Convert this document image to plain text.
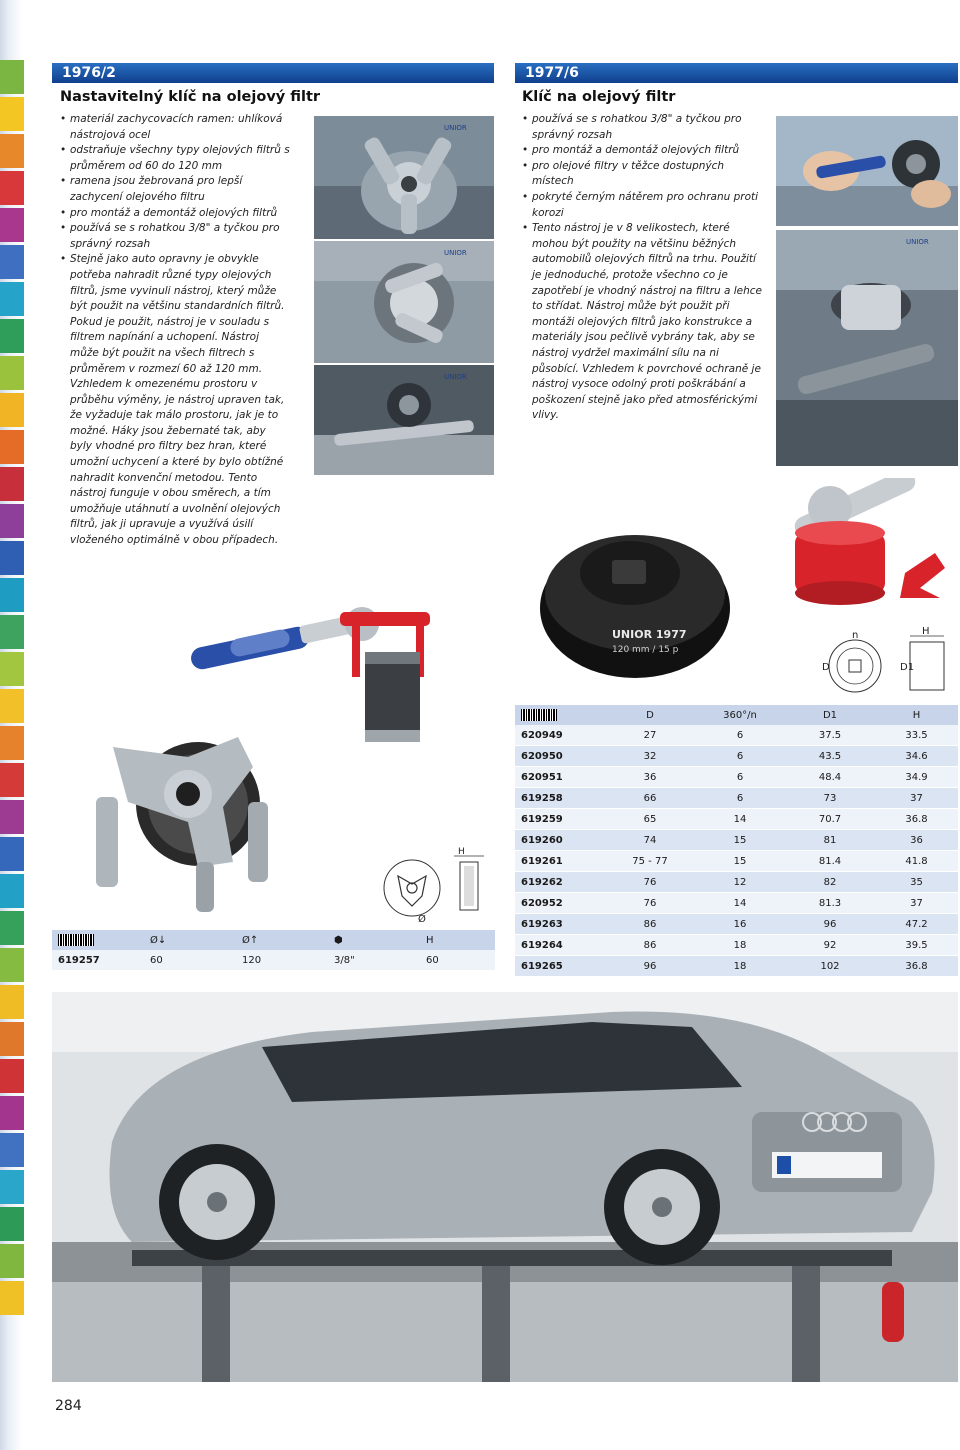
1976/2
Nastavitelný klíč na olejový filtr
• materiál zachycovacích ramen: uhlíková nástrojová ocel
• odstraňuje všechny typy olejových filtrů s průměrem od 60 do 120 mm
• ramena jsou žebrovaná pro lepší zachycení olejového filtru
• pro montáž a demontáž olejových filtrů
• používá se s rohatkou 3/8" a tyčkou pro správný rozsah
• Stejně jako auto opravny je obvykle potřeba nahradit různé typy olejových filtrů, jsme vyvinuli nástroj, který může být použit na většinu standardních filtrů. Pokud je použit, nástroj je v souladu s filtrem napínání a uchopení. Nástroj může být použit na všech filtrech s průměrem v rozmezí 60 až 120 mm. Vzhledem k omezenému prostoru v průběhu výměny, je nástroj upraven tak, že vyžaduje tak málo prostoru, jak je to možné. Háky jsou žebernaté tak, aby byly vhodné pro filtry bez hran, které umožní uchycení a které by bylo obtížné nahradit konvenční metodou. Tento nástroj funguje v obou směrech, a tím umožňuje utáhnutí a uvolnění olejových filtrů, jak ji upravuje a využívá úsilí vloženého optimálně v obou případech.
UNIOR
UNIOR
UNIOR
H
Ø
	Ø↓	Ø↑	⬢	H
619257	60	120	3/8"	60
1977/6
Klíč na olejový filtr
• používá se s rohatkou 3/8" a tyčkou pro správný rozsah
• pro montáž a demontáž olejových filtrů
• pro olejové filtry v těžce dostupných místech
• pokryté černým nátěrem pro ochranu proti korozi
• Tento nástroj je v 8 velikostech, které mohou být použity na většinu běžných automobilů olejových filtrů na trhu. Použití je jednoduché, protože všechno co je zapotřebí je vhodný nástroj na filtru a lehce to střídat. Nástroj může být použit při montáži olejových filtrů jako konstrukce a materiály jsou pečlivě vybrány tak, aby se nástroj vydržel maximální sílu na ni působící. Vzhledem k povrchové ochraně je nástroj vysoce odolný proti poškrábání a poškození stejně jako před atmosférickými vlivy.
UNIOR
UNIOR 1977
120 mm / 15 p
n	H
D	D1
	D	360°/n	D1	H
620949	27	6	37.5	33.5
620950	32	6	43.5	34.6
620951	36	6	48.4	34.9
619258	66	6	73	37
619259	65	14	70.7	36.8
619260	74	15	81	36
619261	75 - 77	15	81.4	41.8
619262	76	12	82	35
620952	76	14	81.3	37
619263	86	16	96	47.2
619264	86	18	92	39.5
619265	96	18	102	36.8
284
